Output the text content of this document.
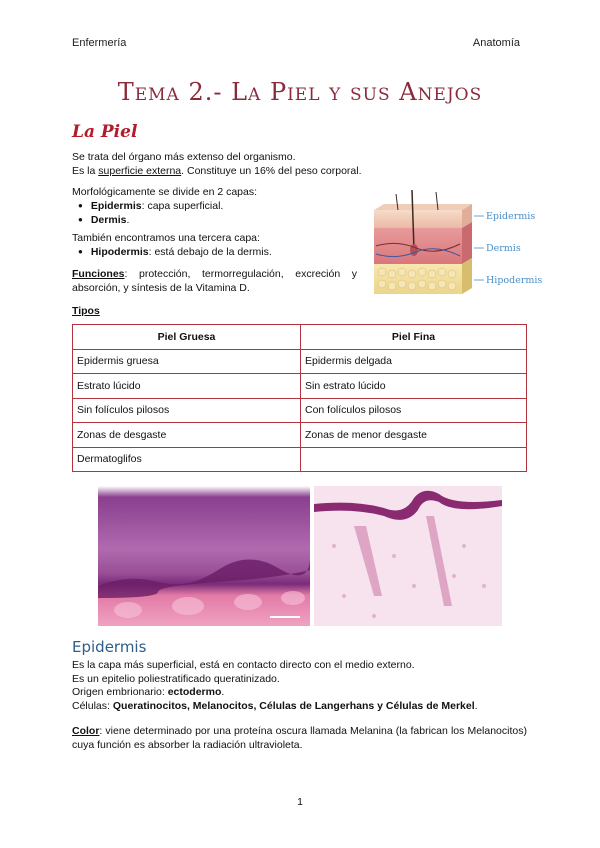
Enfermería	Anatomía
Tema 2.- La Piel y sus Anejos
La Piel
Se trata del órgano más extenso del organismo.
Es la superficie externa. Constituye un 16% del peso corporal.
Morfológicamente se divide en 2 capas:
● Epidermis: capa superficial.
● Dermis.
También encontramos una tercera capa:
● Hipodermis: está debajo de la dermis.
Funciones: protección, termorregulación, excreción y absorción, y síntesis de la Vitamina D.
Epidermis
Dermis
Hipodermis
Tipos
Piel Gruesa	Piel Fina
Epidermis gruesa	Epidermis delgada
Estrato lúcido	Sin estrato lúcido
Sin folículos pilosos	Con folículos pilosos
Zonas de desgaste	Zonas de menor desgaste
Dermatoglifos	
Epidermis
Es la capa más superficial, está en contacto directo con el medio externo.
Es un epitelio poliestratificado queratinizado.
Origen embrionario: ectodermo.
Células: Queratinocitos, Melanocitos, Células de Langerhans y Células de Merkel.
Color: viene determinado por una proteína oscura llamada Melanina (la fabrican los Melanocitos) cuya función es absorber la radiación ultravioleta.
1
